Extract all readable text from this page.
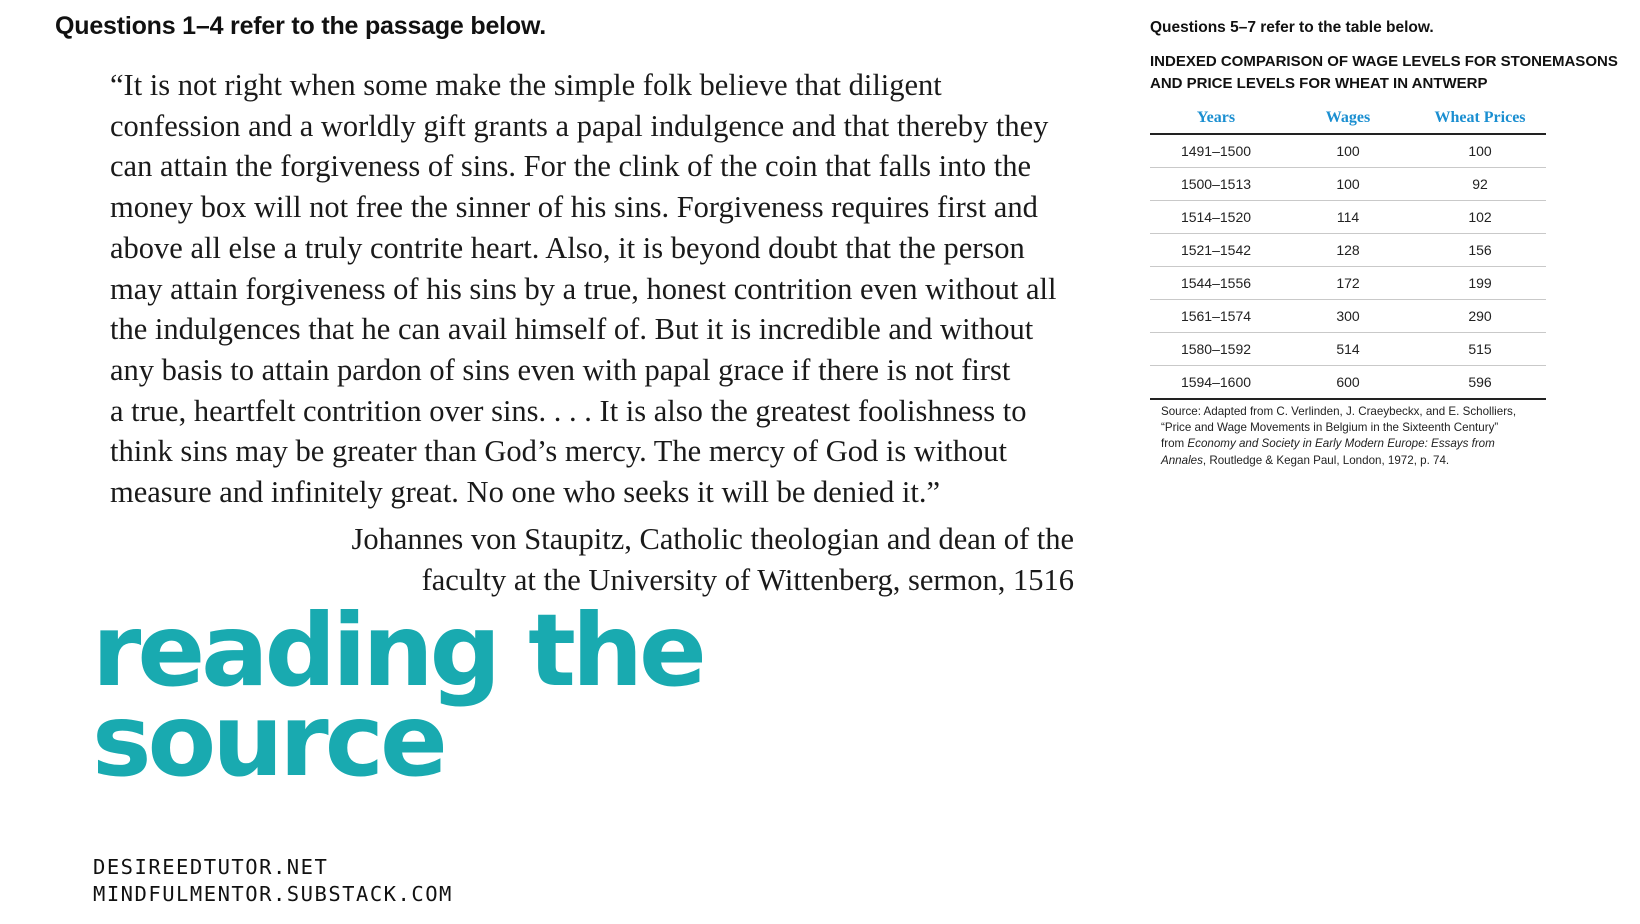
Questions 1–4 refer to the passage below.
“It is not right when some make the simple folk believe that diligent
confession and a worldly gift grants a papal indulgence and that thereby they
can attain the forgiveness of sins. For the clink of the coin that falls into the
money box will not free the sinner of his sins. Forgiveness requires first and
above all else a truly contrite heart. Also, it is beyond doubt that the person
may attain forgiveness of his sins by a true, honest contrition even without all
the indulgences that he can avail himself of. But it is incredible and without
any basis to attain pardon of sins even with papal grace if there is not first
a true, heartfelt contrition over sins. . . . It is also the greatest foolishness to
think sins may be greater than God’s mercy. The mercy of God is without
measure and infinitely great. No one who seeks it will be denied it.”
Johannes von Staupitz, Catholic theologian and dean of the
faculty at the University of Wittenberg, sermon, 1516
Questions 5–7 refer to the table below.
INDEXED COMPARISON OF WAGE LEVELS FOR STONEMASONS
AND PRICE LEVELS FOR WHEAT IN ANTWERP
Years	Wages	Wheat Prices
1491–1500	100	100
1500–1513	100	92
1514–1520	114	102
1521–1542	128	156
1544–1556	172	199
1561–1574	300	290
1580–1592	514	515
1594–1600	600	596
Source: Adapted from C. Verlinden, J. Craeybeckx, and E. Scholliers,
“Price and Wage Movements in Belgium in the Sixteenth Century”
from Economy and Society in Early Modern Europe: Essays from
Annales, Routledge & Kegan Paul, London, 1972, p. 74.
reading the
source
DESIREEDTUTOR.NET
MINDFULMENTOR.SUBSTACK.COM
